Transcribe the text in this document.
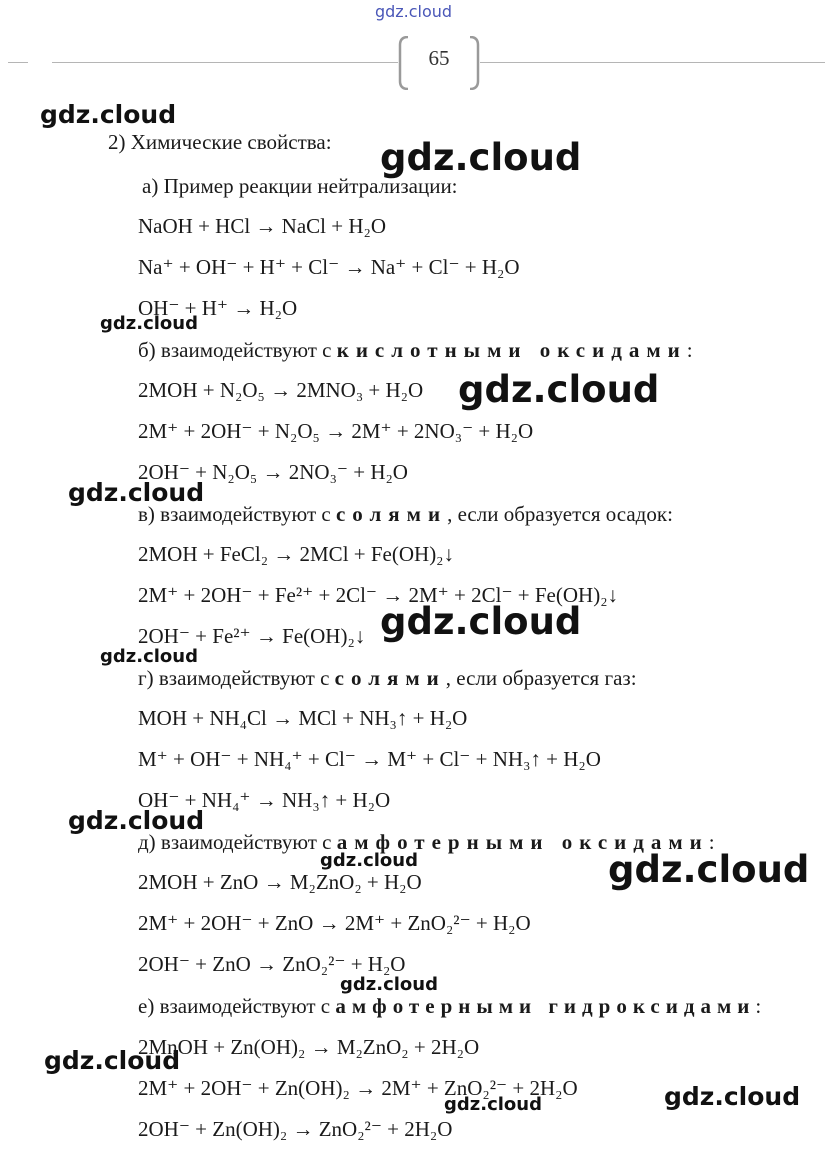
gdz.cloud
65
2) Химические свойства:
а) Пример реакции нейтрализации:
NaOH + HCl → NaCl + H₂O
Na⁺ + OH⁻ + H⁺ + Cl⁻ → Na⁺ + Cl⁻ + H₂O
OH⁻ + H⁺ → H₂O
б) взаимодействуют с кислотными оксидами:
2MOH + N₂O₅ → 2MNO₃ + H₂O
2M⁺ + 2OH⁻ + N₂O₅ → 2M⁺ + 2NO₃⁻ + H₂O
2OH⁻ + N₂O₅ → 2NO₃⁻ + H₂O
в) взаимодействуют с солями, если образуется осадок:
2MOH + FeCl₂ → 2MCl + Fe(OH)₂↓
2M⁺ + 2OH⁻ + Fe²⁺ + 2Cl⁻ → 2M⁺ + 2Cl⁻ + Fe(OH)₂↓
2OH⁻ + Fe²⁺ → Fe(OH)₂↓
г) взаимодействуют с солями, если образуется газ:
MOH + NH₄Cl → MCl + NH₃↑ + H₂O
M⁺ + OH⁻ + NH₄⁺ + Cl⁻ → M⁺ + Cl⁻ + NH₃↑ + H₂O
OH⁻ + NH₄⁺ → NH₃↑ + H₂O
д) взаимодействуют с амфотерными оксидами:
2MOH + ZnO → M₂ZnO₂ + H₂O
2M⁺ + 2OH⁻ + ZnO → 2M⁺ + ZnO₂²⁻ + H₂O
2OH⁻ + ZnO → ZnO₂²⁻ + H₂O
е) взаимодействуют с амфотерными гидроксидами:
2MnOH + Zn(OH)₂ → M₂ZnO₂ + 2H₂O
2M⁺ + 2OH⁻ + Zn(OH)₂ → 2M⁺ + ZnO₂²⁻ + 2H₂O
2OH⁻ + Zn(OH)₂ → ZnO₂²⁻ + 2H₂O
gdz.cloud
gdz.cloud
gdz.cloud
gdz.cloud
gdz.cloud
gdz.cloud
gdz.cloud
gdz.cloud
gdz.cloud	gdz.cloud
gdz.cloud
gdz.cloud
gdz.cloud
gdz.cloud
